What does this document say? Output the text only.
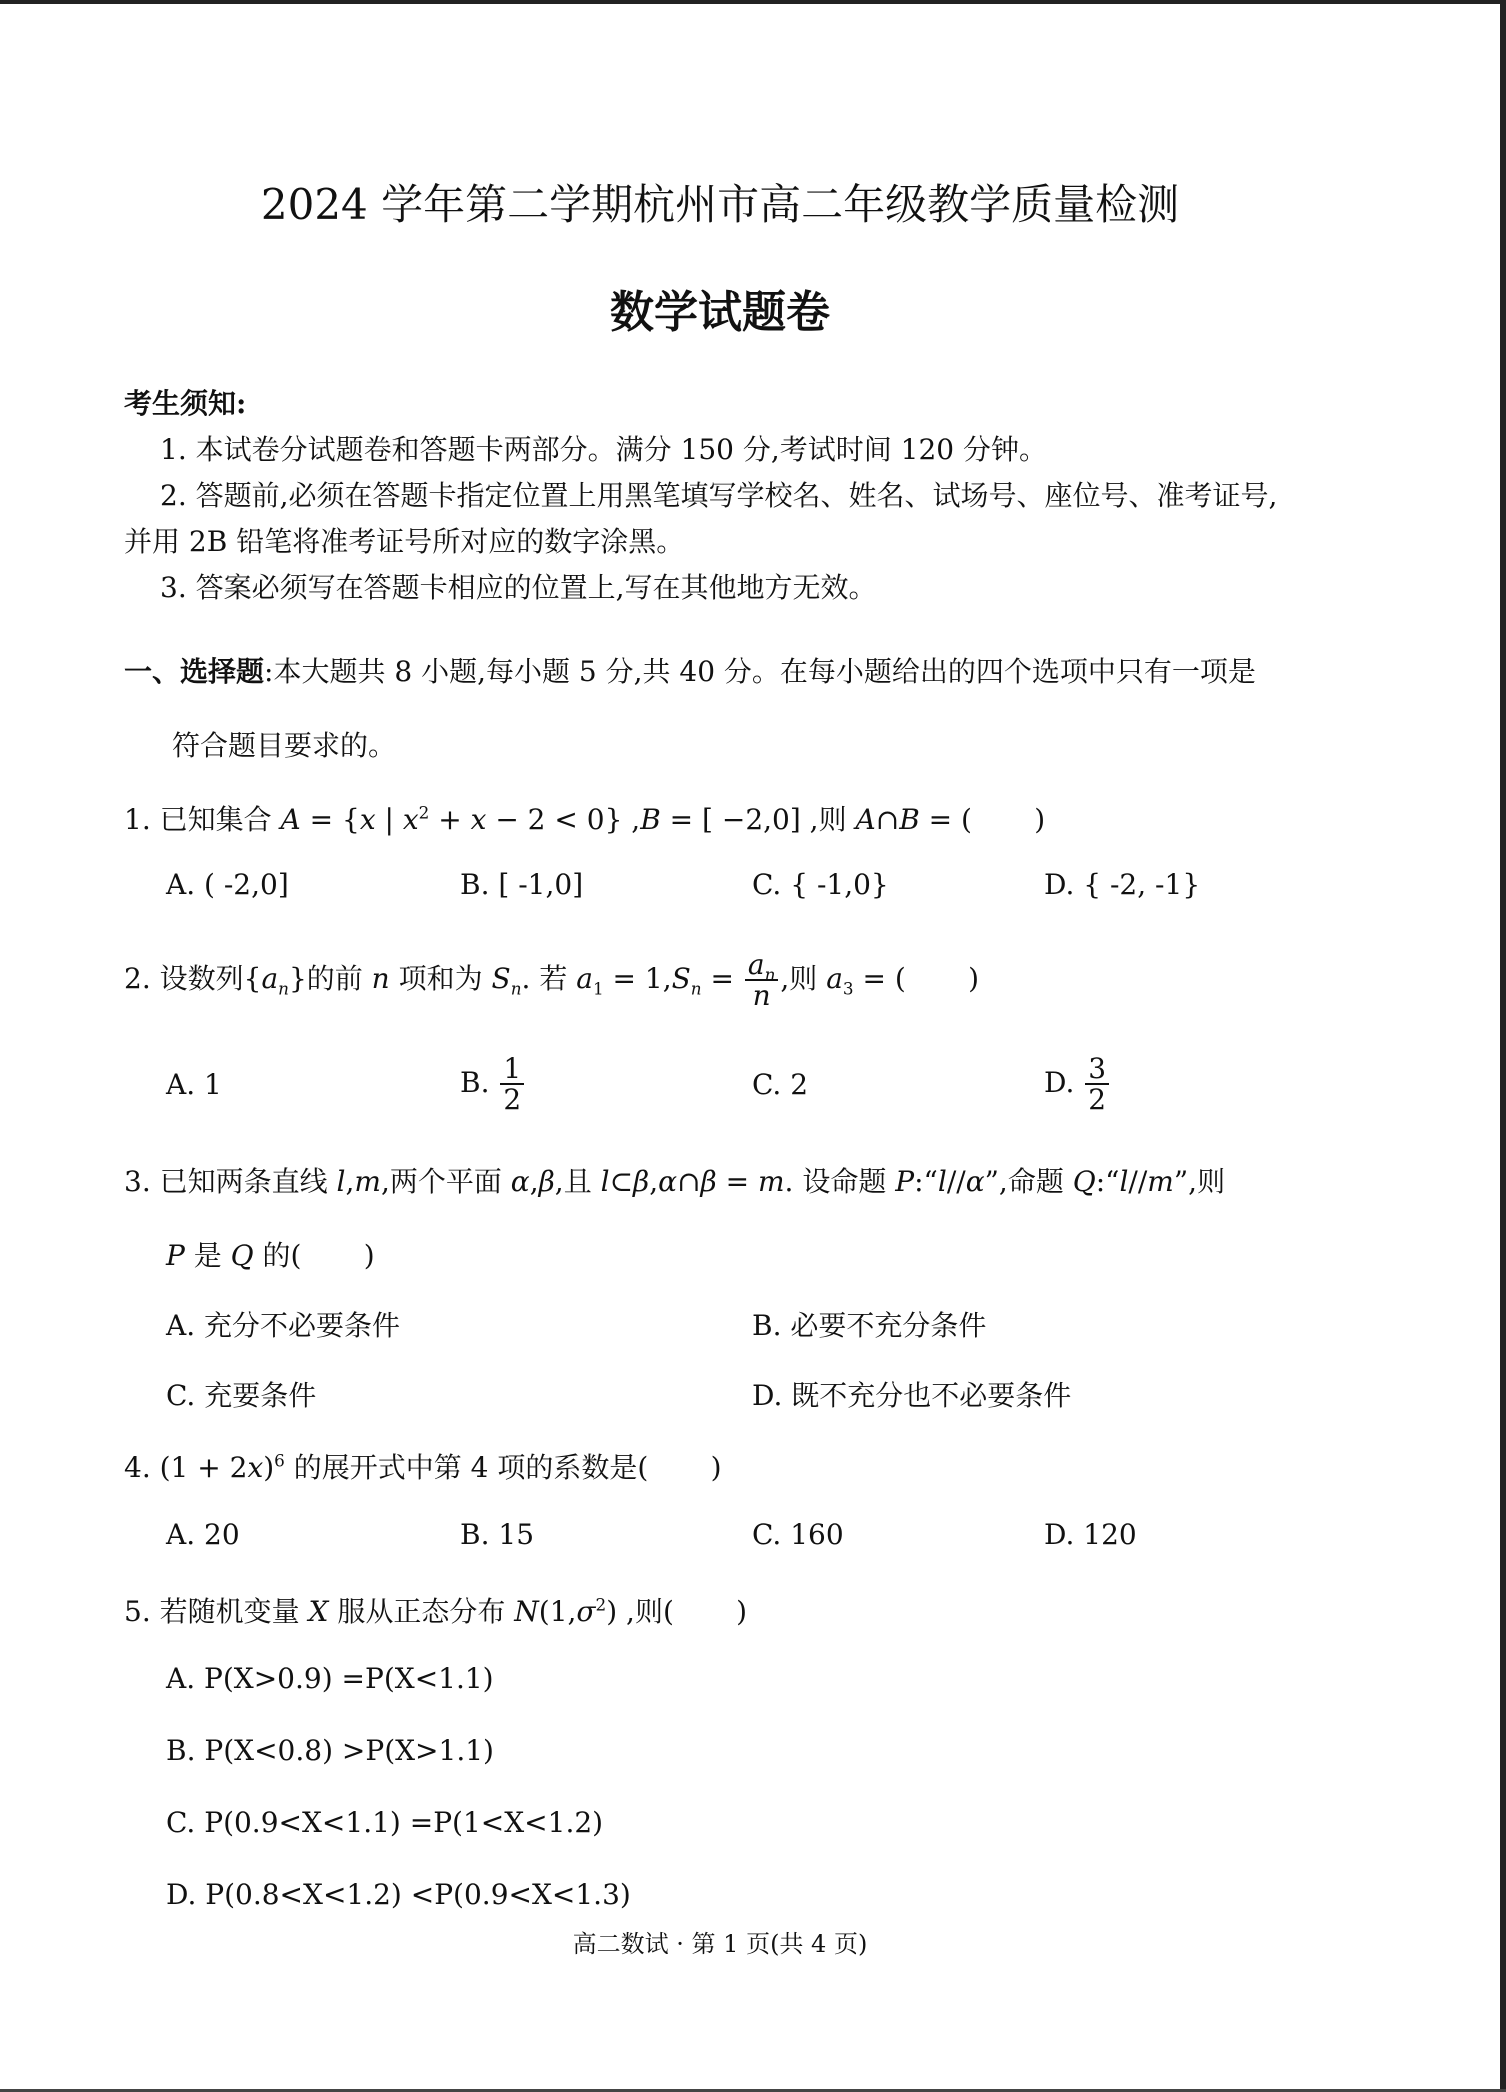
2024 学年第二学期杭州市高二年级教学质量检测
数学试题卷
考生须知:
1. 本试卷分试题卷和答题卡两部分。满分 150 分,考试时间 120 分钟。
2. 答题前,必须在答题卡指定位置上用黑笔填写学校名、姓名、试场号、座位号、准考证号,
并用 2B 铅笔将准考证号所对应的数字涂黑。
3. 答案必须写在答题卡相应的位置上,写在其他地方无效。
一、选择题:本大题共 8 小题,每小题 5 分,共 40 分。在每小题给出的四个选项中只有一项是
符合题目要求的。
1. 已知集合 A = {x | $x^2 + x - 2 < 0$} ,B = [ −2,0] ,则 A∩B = (       )
A. ( -2,0]	B. [ -1,0]	C. { -1,0}	D. { -2, -1}
2. 设数列$\{a_n\}$的前 n 项和为 $S_n$. 若 $a_1 = 1,S_n = \frac{a_n}{n}$ ,则 $a_3$ = (       )
A. 1	B. $\frac{1}{2}$	C. 2	D. $\frac{3}{2}$
3. 已知两条直线 l,m,两个平面 α,β,且 l⊂β,α∩β = m. 设命题 P:“l//α”,命题 Q:“l//m”,则
P 是 Q 的(       )
A. 充分不必要条件	B. 必要不充分条件
C. 充要条件	D. 既不充分也不必要条件
4. $(1 + 2x)^6$ 的展开式中第 4 项的系数是(       )
A. 20	B. 15	C. 160	D. 120
5. 若随机变量 X 服从正态分布 $N(1,\sigma^2)$ ,则(       )
A. P(X>0.9) =P(X<1.1)
B. P(X<0.8) >P(X>1.1)
C. P(0.9<X<1.1) =P(1<X<1.2)
D. P(0.8<X<1.2) <P(0.9<X<1.3)
高二数试 · 第 1 页(共 4 页)
